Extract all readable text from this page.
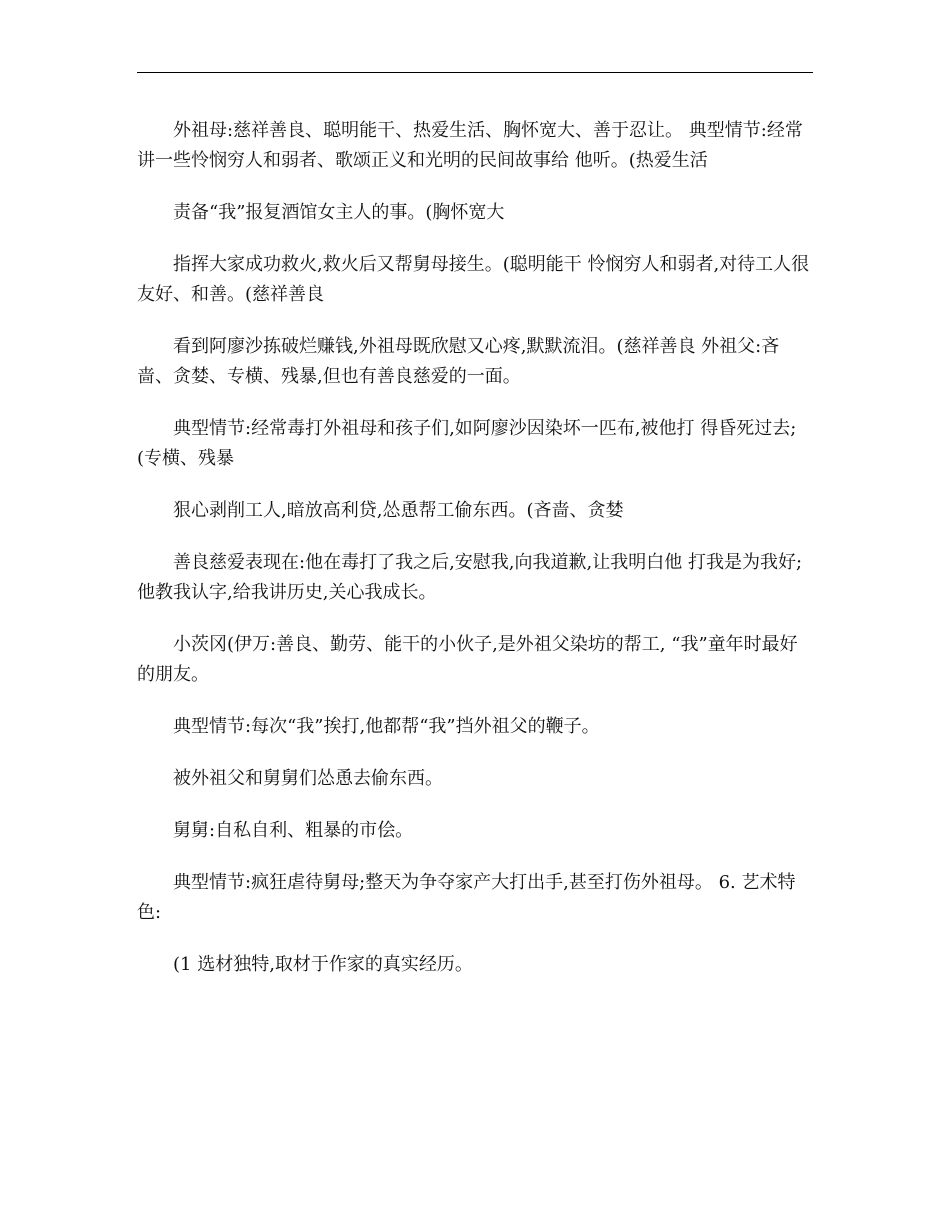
外祖母:慈祥善良、聪明能干、热爱生活、胸怀宽大、善于忍让。 典型情节:经常讲一些怜悯穷人和弱者、歌颂正义和光明的民间故事给 他听。(热爱生活

责备“我”报复酒馆女主人的事。(胸怀宽大

指挥大家成功救火,救火后又帮舅母接生。(聪明能干 怜悯穷人和弱者,对待工人很友好、和善。(慈祥善良

看到阿廖沙拣破烂赚钱,外祖母既欣慰又心疼,默默流泪。(慈祥善良 外祖父:吝啬、贪婪、专横、残暴,但也有善良慈爱的一面。

典型情节:经常毒打外祖母和孩子们,如阿廖沙因染坏一匹布,被他打 得昏死过去;(专横、残暴

狠心剥削工人,暗放高利贷,怂恿帮工偷东西。(吝啬、贪婪

善良慈爱表现在:他在毒打了我之后,安慰我,向我道歉,让我明白他 打我是为我好;他教我认字,给我讲历史,关心我成长。

小茨冈(伊万:善良、勤劳、能干的小伙子,是外祖父染坊的帮工, “我”童年时最好的朋友。

典型情节:每次“我”挨打,他都帮“我”挡外祖父的鞭子。

被外祖父和舅舅们怂恿去偷东西。

舅舅:自私自利、粗暴的市侩。

典型情节:疯狂虐待舅母;整天为争夺家产大打出手,甚至打伤外祖母。 6. 艺术特色:

(1 选材独特,取材于作家的真实经历。
